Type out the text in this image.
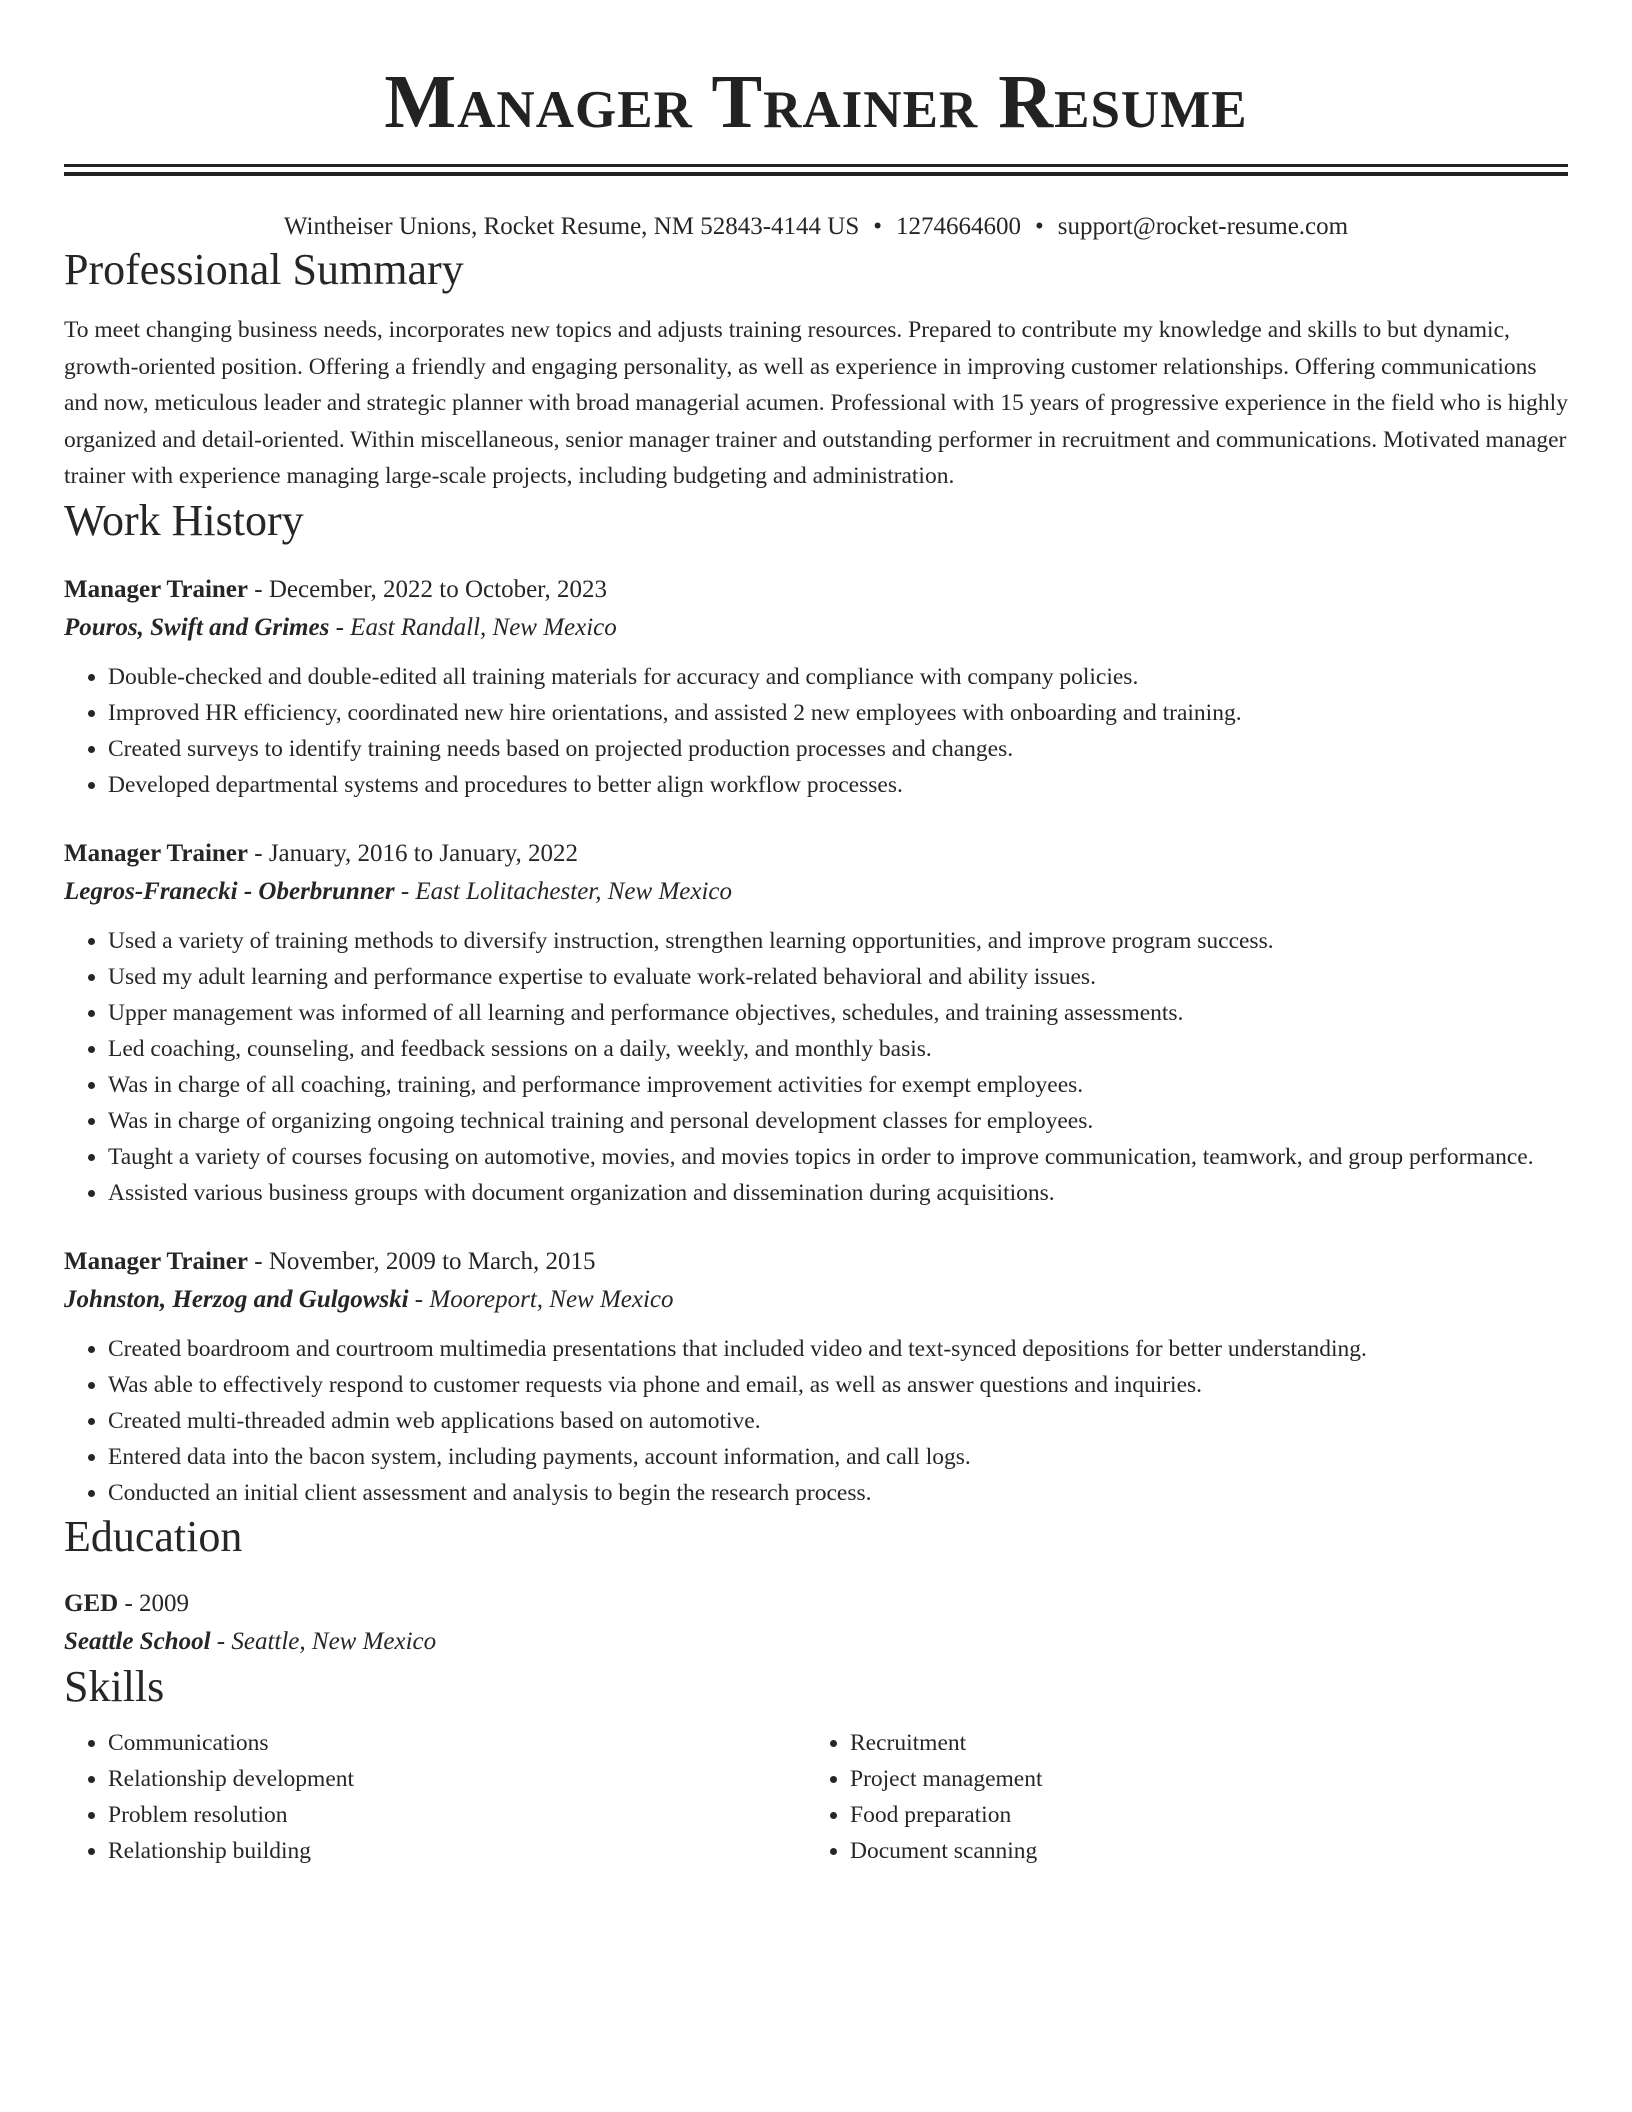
Manager Trainer Resume
Wintheiser Unions, Rocket Resume, NM 52843-4144 US • 1274664600 • support@rocket-resume.com
Professional Summary
To meet changing business needs, incorporates new topics and adjusts training resources. Prepared to contribute my knowledge and skills to but dynamic, growth-oriented position. Offering a friendly and engaging personality, as well as experience in improving customer relationships. Offering communications and now, meticulous leader and strategic planner with broad managerial acumen. Professional with 15 years of progressive experience in the field who is highly organized and detail-oriented. Within miscellaneous, senior manager trainer and outstanding performer in recruitment and communications. Motivated manager trainer with experience managing large-scale projects, including budgeting and administration.
Work History
Manager Trainer - December, 2022 to October, 2023
Pouros, Swift and Grimes - East Randall, New Mexico
• Double-checked and double-edited all training materials for accuracy and compliance with company policies.
• Improved HR efficiency, coordinated new hire orientations, and assisted 2 new employees with onboarding and training.
• Created surveys to identify training needs based on projected production processes and changes.
• Developed departmental systems and procedures to better align workflow processes.
Manager Trainer - January, 2016 to January, 2022
Legros-Franecki - Oberbrunner - East Lolitachester, New Mexico
• Used a variety of training methods to diversify instruction, strengthen learning opportunities, and improve program success.
• Used my adult learning and performance expertise to evaluate work-related behavioral and ability issues.
• Upper management was informed of all learning and performance objectives, schedules, and training assessments.
• Led coaching, counseling, and feedback sessions on a daily, weekly, and monthly basis.
• Was in charge of all coaching, training, and performance improvement activities for exempt employees.
• Was in charge of organizing ongoing technical training and personal development classes for employees.
• Taught a variety of courses focusing on automotive, movies, and movies topics in order to improve communication, teamwork, and group performance.
• Assisted various business groups with document organization and dissemination during acquisitions.
Manager Trainer - November, 2009 to March, 2015
Johnston, Herzog and Gulgowski - Mooreport, New Mexico
• Created boardroom and courtroom multimedia presentations that included video and text-synced depositions for better understanding.
• Was able to effectively respond to customer requests via phone and email, as well as answer questions and inquiries.
• Created multi-threaded admin web applications based on automotive.
• Entered data into the bacon system, including payments, account information, and call logs.
• Conducted an initial client assessment and analysis to begin the research process.
Education
GED - 2009
Seattle School - Seattle, New Mexico
Skills
• Communications
• Relationship development
• Problem resolution
• Relationship building
• Recruitment
• Project management
• Food preparation
• Document scanning
